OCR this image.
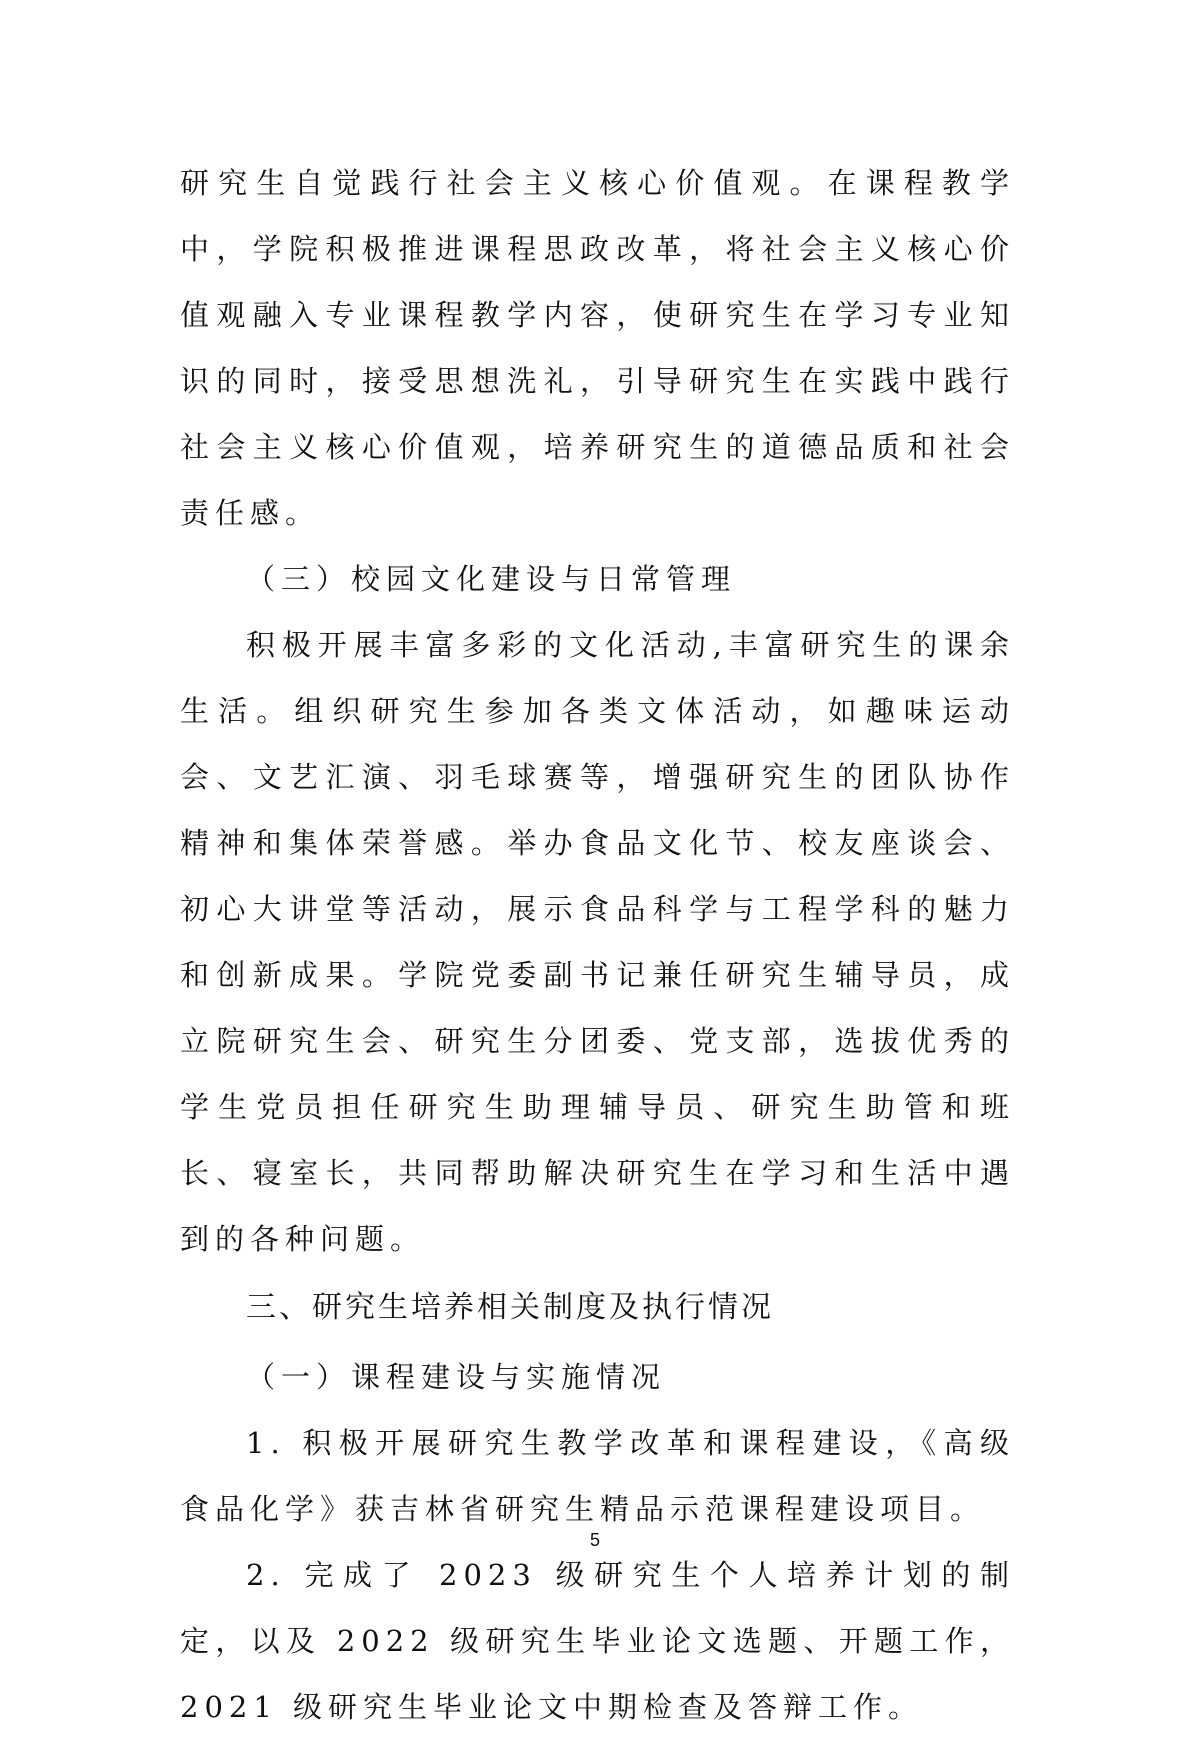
研究生自觉践行社会主义核心价值观。在课程教学中，学院积极推进课程思政改革，将社会主义核心价值观融入专业课程教学内容，使研究生在学习专业知识的同时，接受思想洗礼，引导研究生在实践中践行社会主义核心价值观，培养研究生的道德品质和社会责任感。

（三）校园文化建设与日常管理

积极开展丰富多彩的文化活动,丰富研究生的课余生活。组织研究生参加各类文体活动，如趣味运动会、文艺汇演、羽毛球赛等，增强研究生的团队协作精神和集体荣誉感。举办食品文化节、校友座谈会、初心大讲堂等活动，展示食品科学与工程学科的魅力和创新成果。学院党委副书记兼任研究生辅导员，成立院研究生会、研究生分团委、党支部，选拔优秀的学生党员担任研究生助理辅导员、研究生助管和班长、寝室长，共同帮助解决研究生在学习和生活中遇到的各种问题。

三、研究生培养相关制度及执行情况

（一）课程建设与实施情况

1. 积极开展研究生教学改革和课程建设，《高级食品化学》获吉林省研究生精品示范课程建设项目。

2. 完成了 2023 级研究生个人培养计划的制定，以及 2022 级研究生毕业论文选题、开题工作，2021 级研究生毕业论文中期检查及答辩工作。

5
